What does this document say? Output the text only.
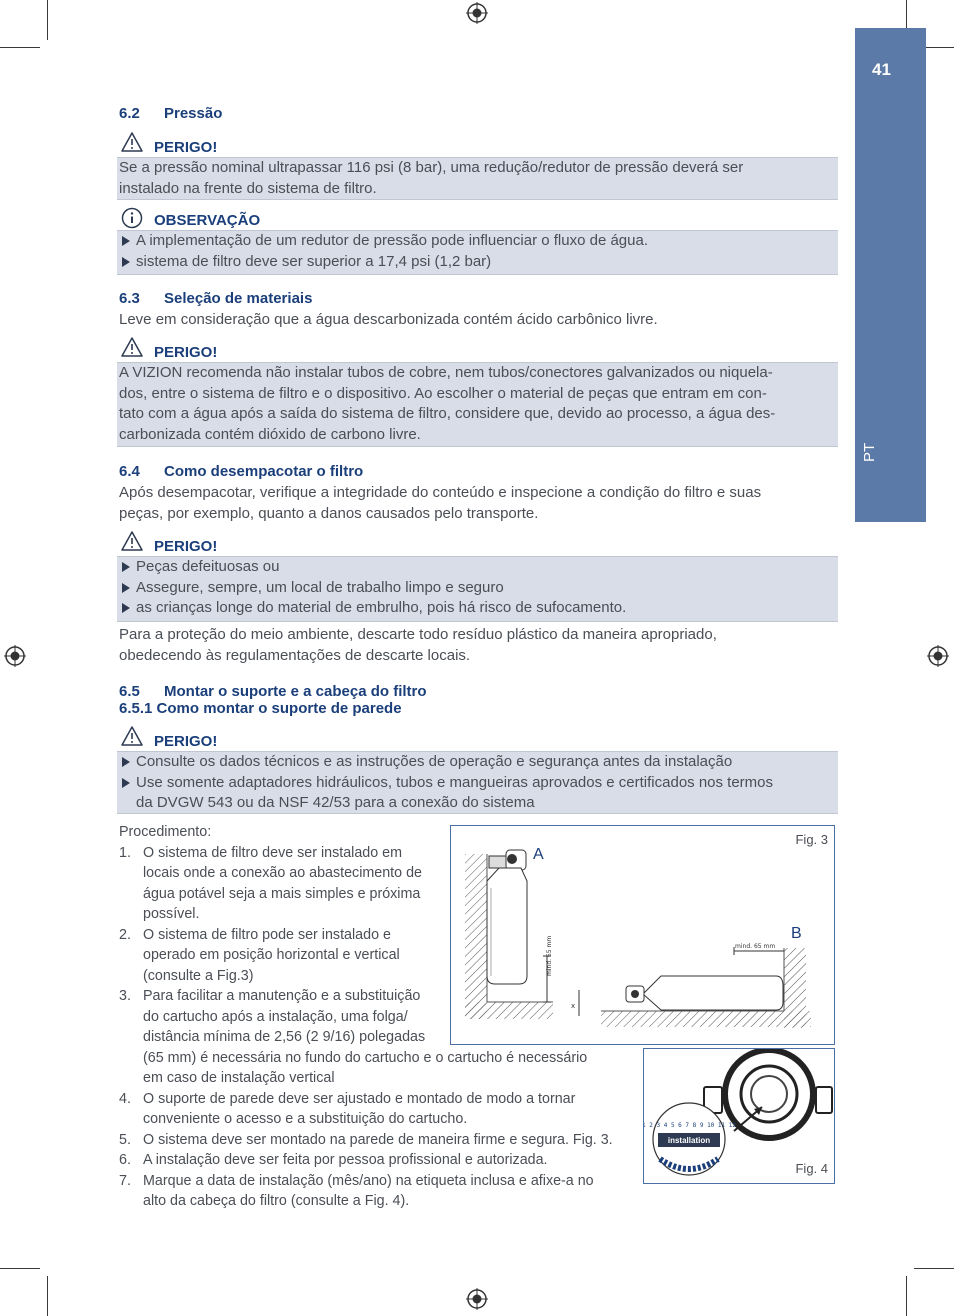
41
PT
6.2 Pressão
PERIGO!
Se a pressão nominal ultrapassar 116 psi (8 bar), uma redução/redutor de pressão deverá ser
instalado na frente do sistema de filtro.
OBSERVAÇÃO
A implementação de um redutor de pressão pode influenciar o fluxo de água.
sistema de filtro deve ser superior a 17,4 psi (1,2 bar)
6.3 Seleção de materiais
Leve em consideração que a água descarbonizada contém ácido carbônico livre.
PERIGO!
A VIZION recomenda não instalar tubos de cobre, nem tubos/conectores galvanizados ou niquela-
dos, entre o sistema de filtro e o dispositivo. Ao escolher o material de peças que entram em con-
tato com a água após a saída do sistema de filtro, considere que, devido ao processo, a água des-
carbonizada contém dióxido de carbono livre.
6.4 Como desempacotar o filtro
Após desempacotar, verifique a integridade do conteúdo e inspecione a condição do filtro e suas
peças, por exemplo, quanto a danos causados pelo transporte.
PERIGO!
Peças defeituosas ou
Assegure, sempre, um local de trabalho limpo e seguro
as crianças longe do material de embrulho, pois há risco de sufocamento.
Para a proteção do meio ambiente, descarte todo resíduo plástico da maneira apropriado,
obedecendo às regulamentações de descarte locais.
6.5 Montar o suporte e a cabeça do filtro
6.5.1 Como montar o suporte de parede
PERIGO!
Consulte os dados técnicos e as instruções de operação e segurança antes da instalação
Use somente adaptadores hidráulicos, tubos e mangueiras aprovados e certificados nos termos
da DVGW 543 ou da NSF 42/53 para a conexão do sistema
Procedimento:
1. O sistema de filtro deve ser instalado em
locais onde a conexão ao abastecimento de
água potável seja a mais simples e próxima
possível.
2. O sistema de filtro pode ser instalado e
operado em posição horizontal e vertical
(consulte a Fig.3)
3. Para facilitar a manutenção e a substituição
do cartucho após a instalação, uma folga/
distância mínima de 2,56 (2 9/16) polegadas
(65 mm) é necessária no fundo do cartucho e o cartucho é necessário
em caso de instalação vertical
4. O suporte de parede deve ser ajustado e montado de modo a tornar
conveniente o acesso e a substituição do cartucho.
5. O sistema deve ser montado na parede de maneira firme e segura. Fig. 3.
6. A instalação deve ser feita por pessoa profissional e autorizada.
7. Marque a data de instalação (mês/ano) na etiqueta inclusa e afixe-a no
alto da cabeça do filtro (consulte a Fig. 4).
mind. 65 mm
A
mind. 65 mm
x
B
Fig. 3
installation
1 2 3 4 5 6 7 8 9 10 11 12
Fig. 4
